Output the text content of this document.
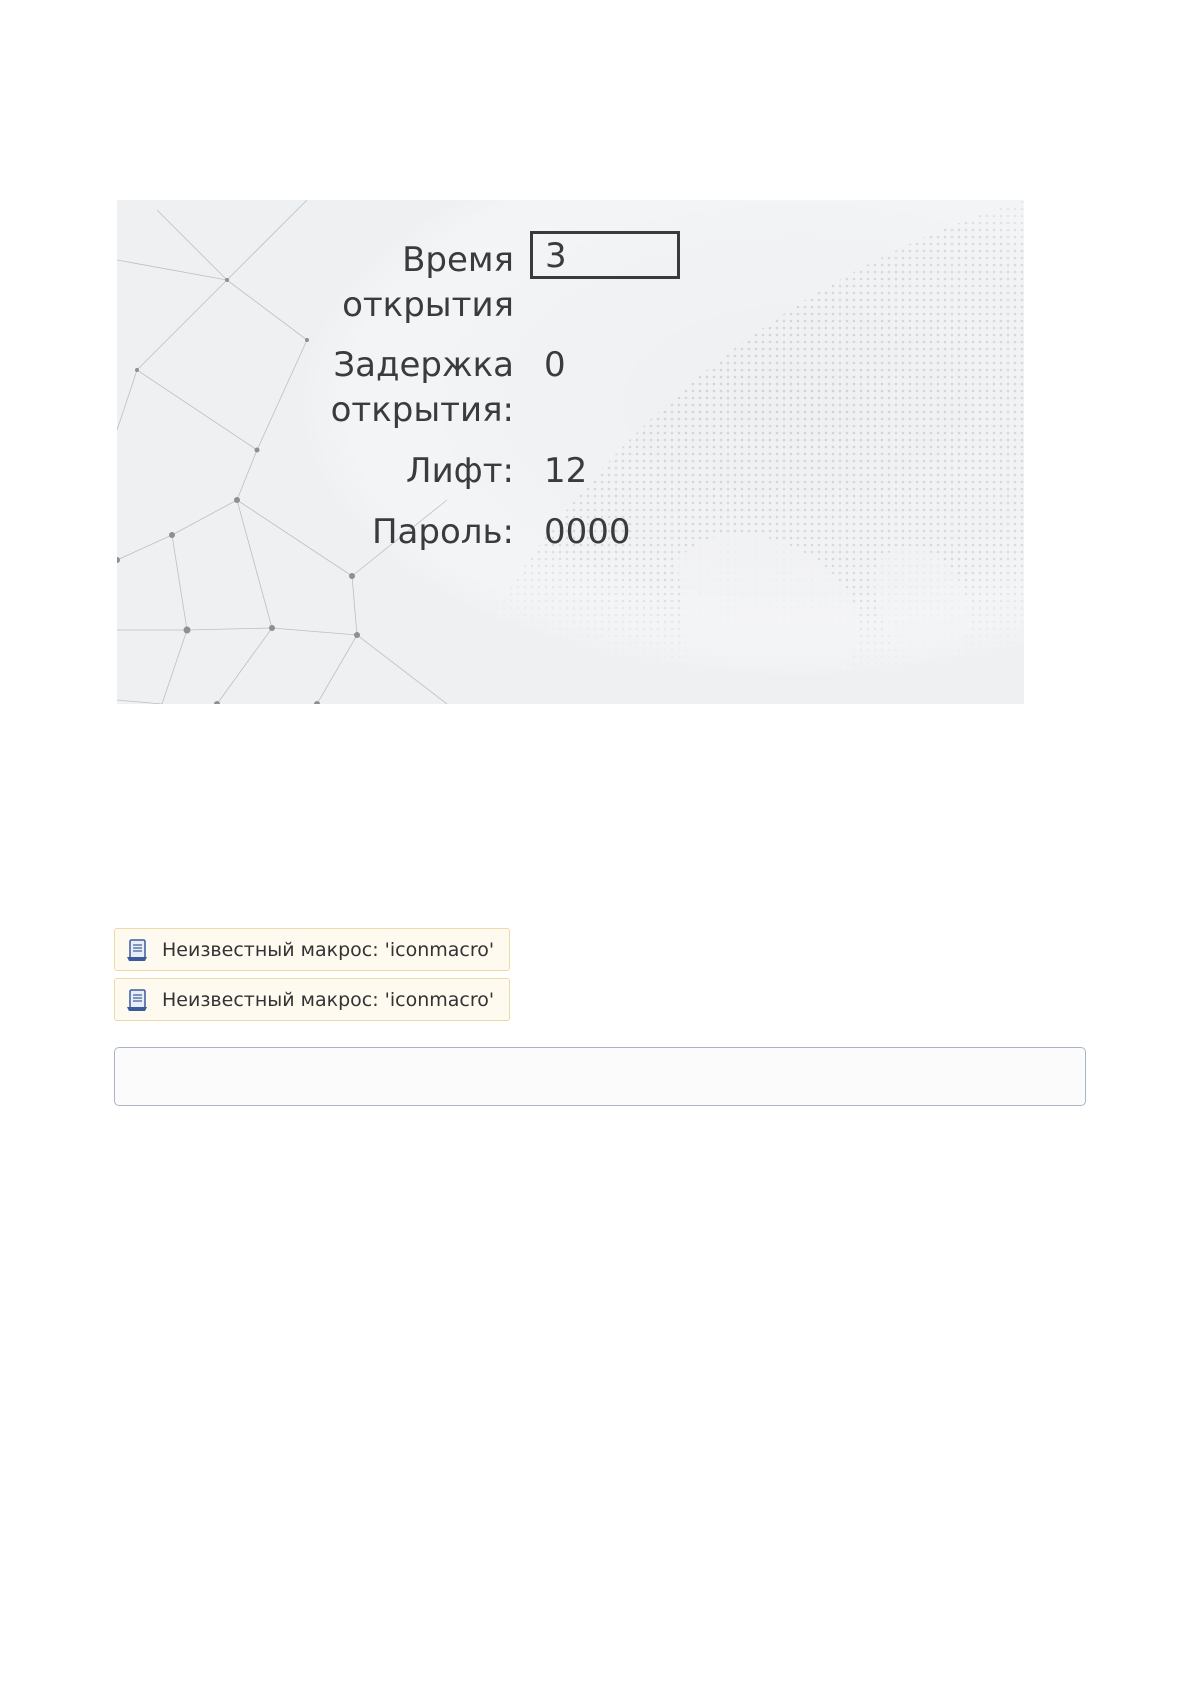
Время
открытия
3
Задержка
открытия:
0
Лифт: 12
Пароль: 0000
Неизвестный макрос: 'iconmacro'
Неизвестный макрос: 'iconmacro'
